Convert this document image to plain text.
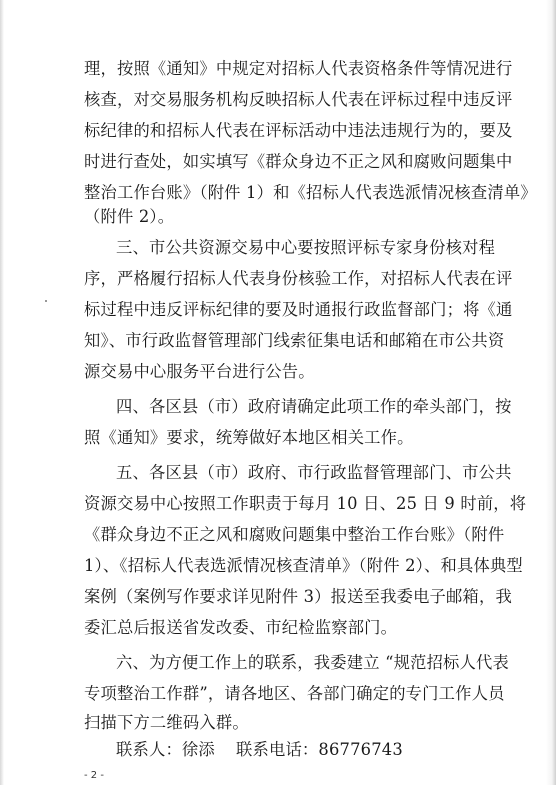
理，按照《通知》中规定对招标人代表资格条件等情况进行
核查，对交易服务机构反映招标人代表在评标过程中违反评
标纪律的和招标人代表在评标活动中违法违规行为的，要及
时进行查处，如实填写《群众身边不正之风和腐败问题集中
整治工作台账》（附件 1）和《招标人代表选派情况核查清单》
（附件 2）。
三、市公共资源交易中心要按照评标专家身份核对程
序，严格履行招标人代表身份核验工作，对招标人代表在评
标过程中违反评标纪律的要及时通报行政监督部门；将《通
知》、市行政监督管理部门线索征集电话和邮箱在市公共资
源交易中心服务平台进行公告。
四、各区县（市）政府请确定此项工作的牵头部门，按
照《通知》要求，统筹做好本地区相关工作。
五、各区县（市）政府、市行政监督管理部门、市公共
资源交易中心按照工作职责于每月 10 日、25 日 9 时前，将
《群众身边不正之风和腐败问题集中整治工作台账》（附件
1）、《招标人代表选派情况核查清单》（附件 2）、和具体典型
案例（案例写作要求详见附件 3）报送至我委电子邮箱，我
委汇总后报送省发改委、市纪检监察部门。
六、为方便工作上的联系，我委建立 “规范招标人代表
专项整治工作群”，请各地区、各部门确定的专门工作人员
扫描下方二维码入群。
联系人：徐添 联系电话：86776743
- 2 -
